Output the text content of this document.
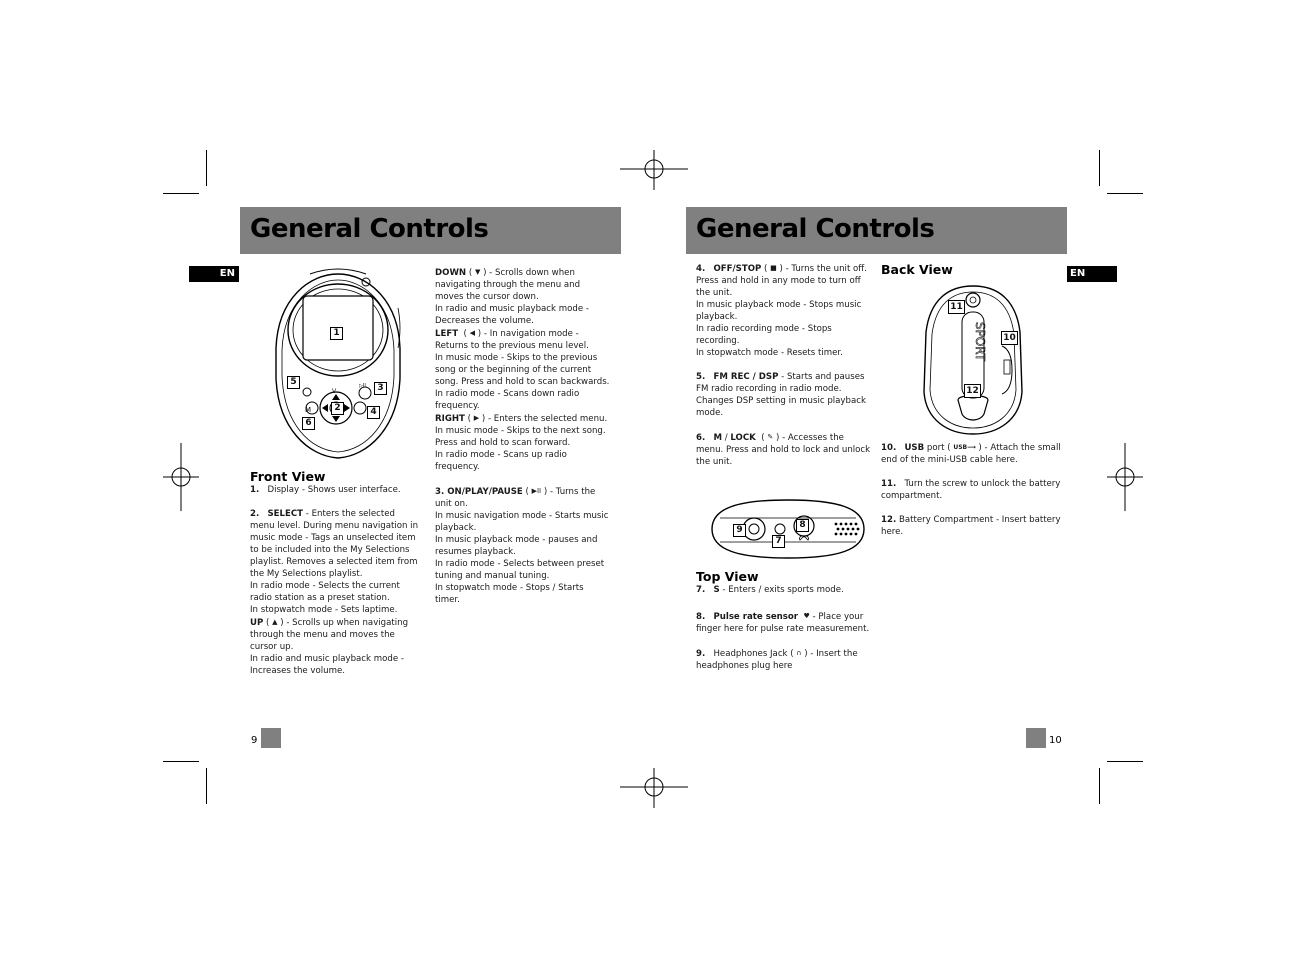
General Controls
EN
M
V
▷II
1
2
3
4
5
6

Front View

1. Display - Shows user interface.

2. SELECT - Enters the selected menu level. During menu navigation in music mode - Tags an unselected item to be included into the My Selections playlist. Removes a selected item from the My Selections playlist.

In radio mode - Selects the current radio station as a preset station.

In stopwatch mode - Sets laptime.

UP ( ▲ ) - Scrolls up when navigating through the menu and moves the cursor up.

In radio and music playback mode - Increases the volume.

DOWN ( ▼ ) - Scrolls down when navigating through the menu and moves the cursor down.

In radio and music playback mode - Decreases the volume.

LEFT  ( ◀ ) - In navigation mode - Returns to the previous menu level.

In music mode - Skips to the previous song or the beginning of the current song. Press and hold to scan backwards.

In radio mode - Scans down radio frequency.

RIGHT ( ▶ ) - Enters the selected menu.

In music mode - Skips to the next song. Press and hold to scan forward.

In radio mode - Scans up radio frequency.

3. ON/PLAY/PAUSE ( ▶II ) - Turns the unit on.

In music navigation mode - Starts music playback.

In music playback mode - pauses and resumes playback.

In radio mode - Selects between preset tuning and manual tuning.

In stopwatch mode - Stops / Starts timer.

9
General Controls
EN

4. OFF/STOP ( ■ ) - Turns the unit off. Press and hold in any mode to turn off the unit.

In music playback mode - Stops music playback.

In radio recording mode - Stops recording.

In stopwatch mode - Resets timer.

5. FM REC / DSP - Starts and pauses FM radio recording in radio mode.

Changes DSP setting in music playback mode.

6. M / LOCK  ( ✎ ) - Accesses the menu. Press and hold to lock and unlock the unit.

9
7
8

Top View

7. S - Enters / exits sports mode.

8. Pulse rate sensor ♥ - Place your finger here for pulse rate measurement.

9. Headphones Jack ( ∩ ) - Insert the headphones plug here

Back View

SPORT
11
10
12

10. USB port ( USB⟶ ) - Attach the small end of the mini-USB cable here.

11. Turn the screw to unlock the battery compartment.

12. Battery Compartment - Insert battery here.

10
